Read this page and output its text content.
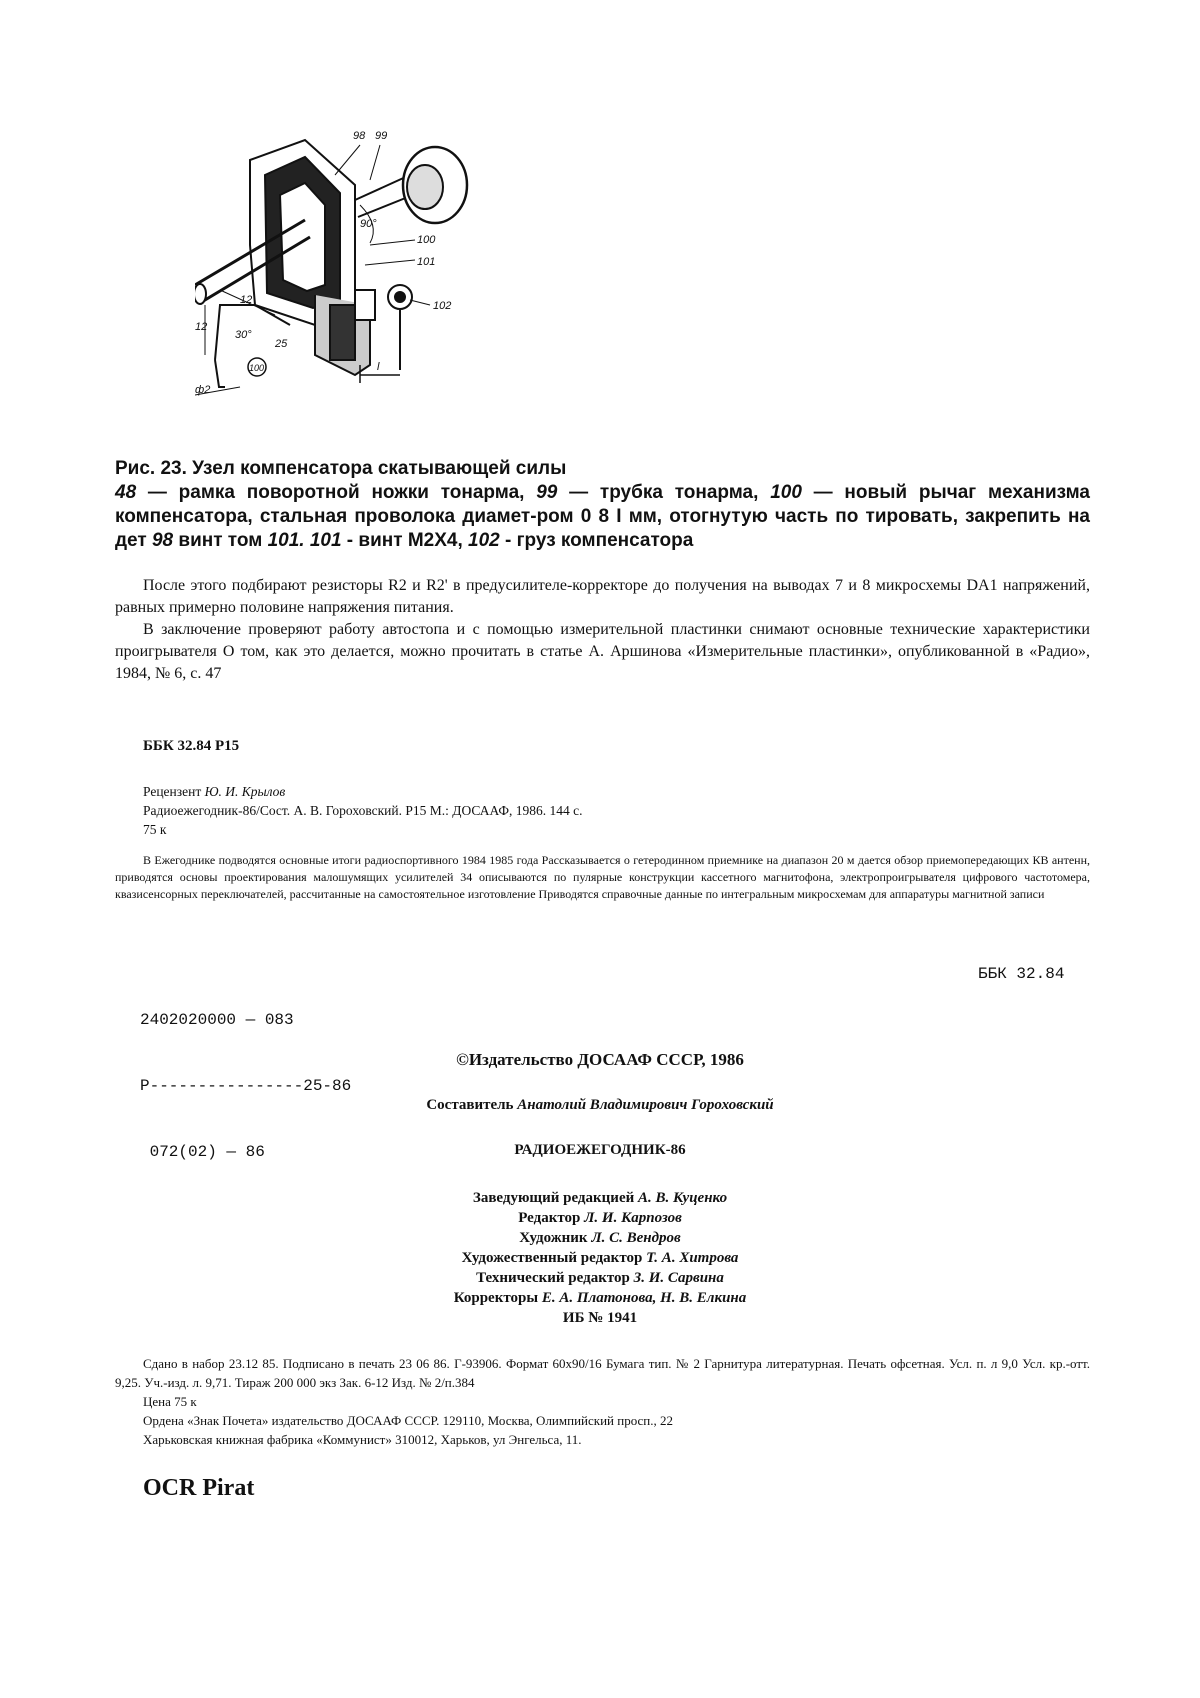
98 99
100
101
102
90°
12
12
30°
25
100
ф2
l
Рис. 23. Узел компенсатора скатывающей силы
48 — рамка поворотной ножки тонарма, 99 — трубка тонарма, 100 — новый рычаг механизма компенсатора, стальная проволока диамет-ром 0 8 I мм, отогнутую часть по тировать, закрепить на дет 98 винт том 101. 101 - винт М2Х4, 102 - груз компенсатора
После этого подбирают резисторы R2 и R2' в предусилителе-корректоре до получения на выводах 7 и 8 микросхемы DA1 напряжений, равных примерно половине напряжения питания.
В заключение проверяют работу автостопа и с помощью измерительной пластинки снимают основные технические характеристики проигрывателя О том, как это делается, можно прочитать в статье А. Аршинова «Измерительные пластинки», опубликованной в «Радио», 1984, № 6, с. 47
ББК 32.84 Р15
Рецензент Ю. И. Крылов
Радиоежегодник-86/Сост. А. В. Гороховский. Р15 М.: ДОСААФ, 1986. 144 с.
75 к
В Ежегоднике подводятся основные итоги радиоспортивного 1984 1985 года Рассказывается о гетеродинном приемнике на диапазон 20 м дается обзор приемопередающих КВ антенн, приводятся основы проектирования малошумящих усилителей 34 описываются по пулярные конструкции кассетного магнитофона, электропроигрывателя цифрового частотомера, квазисенсорных переключателей, рассчитанные на самостоятельное изготовление Приводятся справочные данные по интегральным микросхемам для аппаратуры магнитной записи

2402020000 — 083

Р----------------25-86

072(02) — 86

ББК 32.84
©Издательство ДОСААФ СССР, 1986
Составитель Анатолий Владимирович Гороховский
РАДИОЕЖЕГОДНИК-86
Заведующий редакцией А. В. Куценко
Редактор Л. И. Карпозов
Художник Л. С. Вендров
Художественный редактор Т. А. Хитрова
Технический редактор З. И. Сарвина
Корректоры Е. А. Платонова, Н. В. Елкина
ИБ № 1941
Сдано в набор 23.12 85. Подписано в печать 23 06 86. Г-93906. Формат 60x90/16 Бумага тип. № 2 Гарнитура литературная. Печать офсетная. Усл. п. л 9,0 Усл. кр.-отт. 9,25. Уч.-изд. л. 9,71. Тираж 200 000 экз Зак. 6-12 Изд. № 2/п.384
Цена 75 к
Ордена «Знак Почета» издательство ДОСААФ СССР. 129110, Москва, Олимпийский просп., 22
Харьковская книжная фабрика «Коммунист» 310012, Харьков, ул Энгельса, 11.
OCR Pirat
